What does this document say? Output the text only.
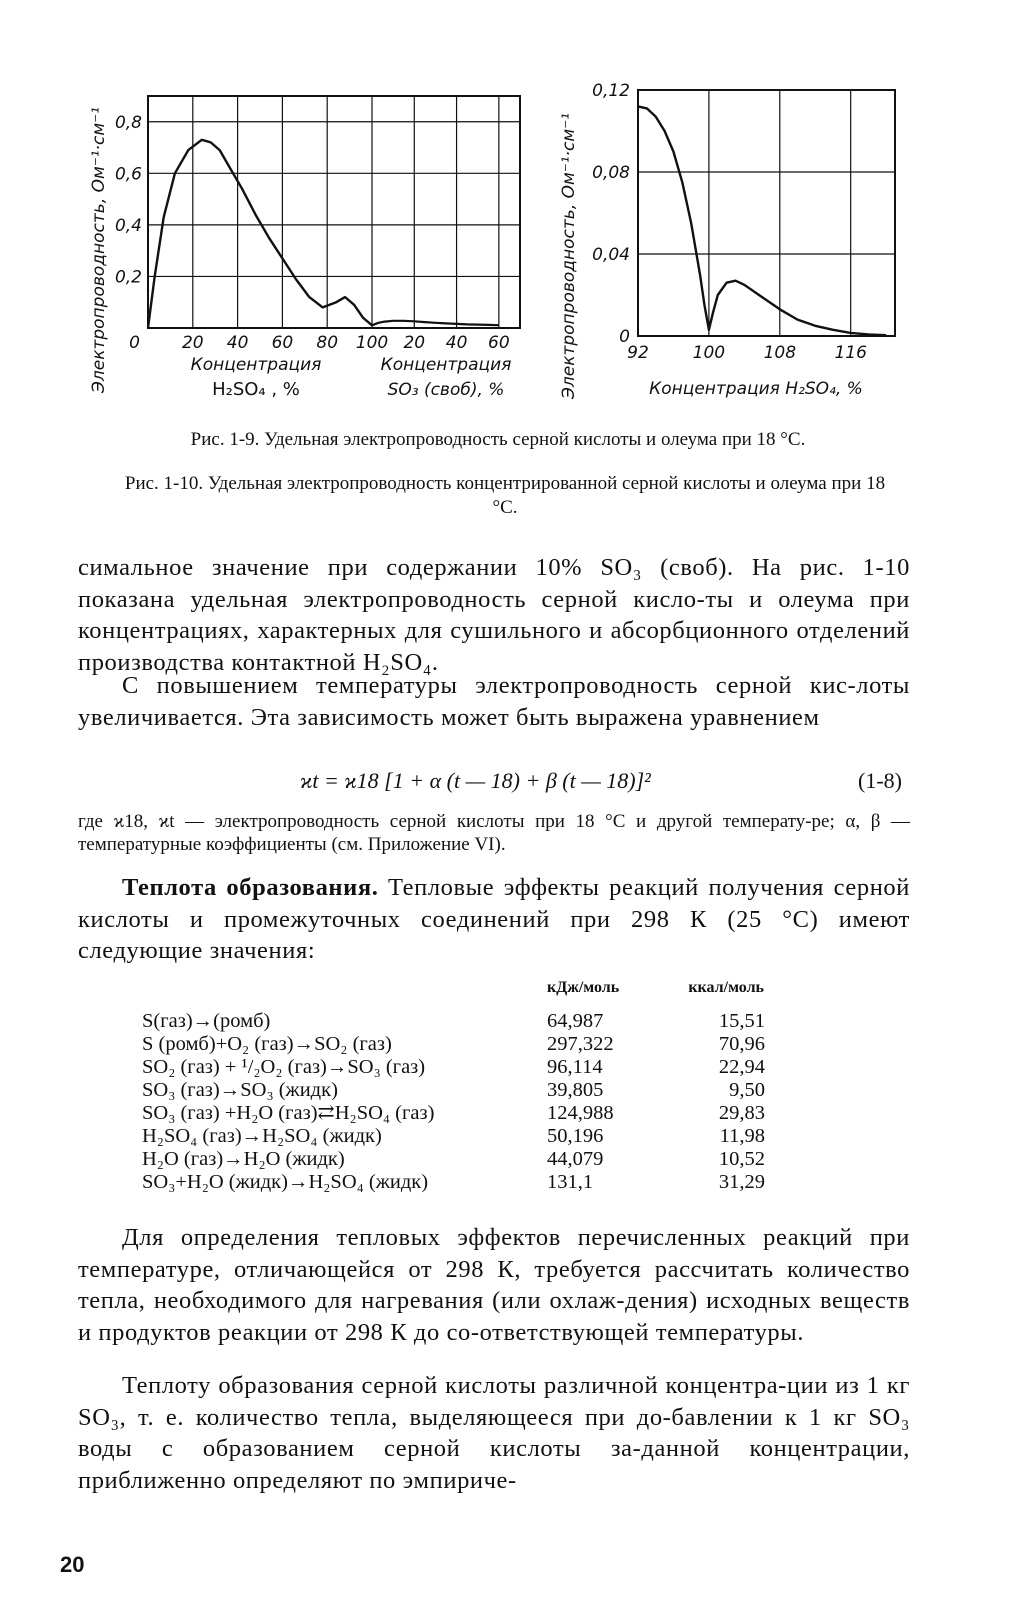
Электропроводность, Ом⁻¹·см⁻¹ 0,2
0,4
0,6
0,8
0 20 40 60 80 100 20 40 60
Концентрация
H₂SO₄ , %
Концентрация
SO₃ (своб), %	Электропроводность, Ом⁻¹·см⁻¹ 0
0,04
0,08
0,12
92	100 108 116
Концентрация H₂SO₄, %
Рис. 1-9. Удельная электропроводность серной кислоты и олеума при 18 °С.
Рис. 1-10. Удельная электропроводность концентрированной серной кислоты и олеума при 18 °С.
симальное значение при содержании 10% SO₃ (своб). На рис. 1-10 показана удельная электропроводность серной кисло-ты и олеума при концентрациях, характерных для сушильного и абсорбционного отделений производства контактной H₂SO₄.
С повышением температуры электропроводность серной кис-лоты увеличивается. Эта зависимость может быть выражена уравнением
ϰt = ϰ18 [1 + α (t — 18) + β (t — 18)]²	(1-8)
где ϰ18, ϰt — электропроводность серной кислоты при 18 °С и другой температу-ре; α, β — температурные коэффициенты (см. Приложение VI).
Теплота образования. Тепловые эффекты реакций получения серной кислоты и промежуточных соединений при 298 К (25 °С) имеют следующие значения:
	кДж/моль	ккал/моль
S(газ)→(ромб)	64,987	15,51
S (ромб)+O₂ (газ)→SO₂ (газ)	297,322	70,96
SO₂ (газ) + ¹/₂O₂ (газ)→SO₃ (газ)	96,114	22,94
SO₃ (газ)→SO₃ (жидк)	39,805	9,50
SO₃ (газ) +H₂O (газ)⇄H₂SO₄ (газ)	124,988	29,83
H₂SO₄ (газ)→H₂SO₄ (жидк)	50,196	11,98
H₂O (газ)→H₂O (жидк)	44,079	10,52
SO₃+H₂O (жидк)→H₂SO₄ (жидк)	131,1	31,29
Для определения тепловых эффектов перечисленных реакций при температуре, отличающейся от 298 К, требуется рассчитать количество тепла, необходимого для нагревания (или охлаж-дения) исходных веществ и продуктов реакции от 298 К до со-ответствующей температуры.
Теплоту образования серной кислоты различной концентра-ции из 1 кг SO₃, т. е. количество тепла, выделяющееся при до-бавлении к 1 кг SO₃ воды с образованием серной кислоты за-данной концентрации, приближенно определяют по эмпириче-
20
